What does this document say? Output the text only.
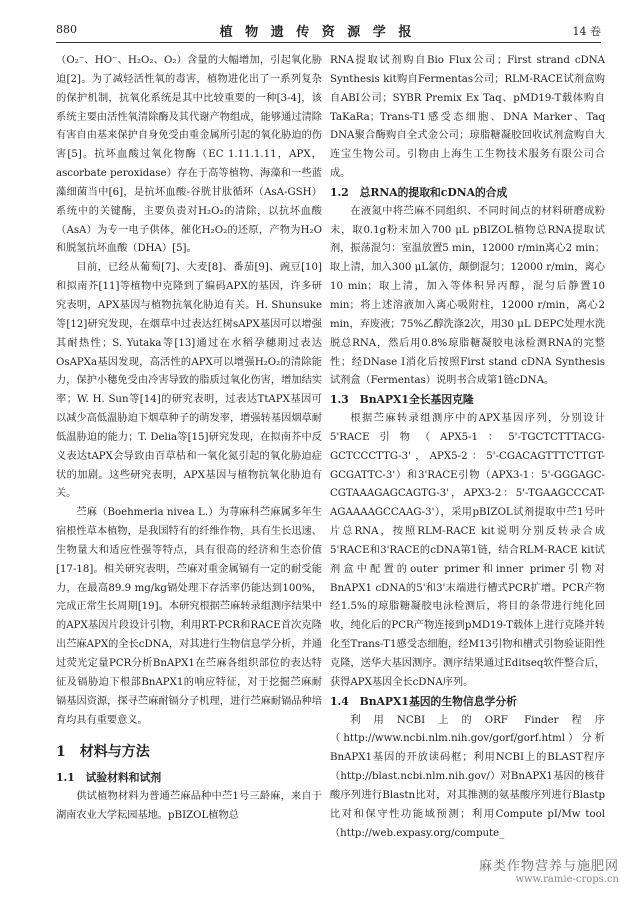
880	植 物 遗 传 资 源 学 报	14 卷

（O₂⁻、HO⁻、H₂O₂、O₂）含量的大幅增加，引起氧化胁迫[2]。为了减轻活性氧的毒害，植物进化出了一系列复杂的保护机制，抗氧化系统是其中比较重要的一种[3-4]，该系统主要由活性氧清除酶及其代谢产物组成，能够通过清除有害自由基来保护自身免受由重金属所引起的氧化胁迫的伤害[5]。抗坏血酸过氧化物酶（EC 1.11.1.11，APX，ascorbate peroxidase）存在于高等植物、海藻和一些蓝藻细菌当中[6]，是抗坏血酸-谷胱甘肽循环（AsA-GSH）系统中的关键酶，主要负责对H₂O₂的清除，以抗坏血酸（AsA）为专一电子供体，催化H₂O₂的还原，产物为H₂O和脱氢抗坏血酸（DHA）[5]。

目前，已经从葡萄[7]、大麦[8]、番茄[9]、豌豆[10]和拟南芥[11]等植物中克隆到了编码APX的基因，许多研究表明，APX基因与植物抗氧化胁迫有关。H. Shunsuke等[12]研究发现，在烟草中过表达红树sAPX基因可以增强其耐热性；S. Yutaka等[13]通过在水稻孕穗期过表达OsAPXa基因发现，高活性的APX可以增强H₂O₂的清除能力，保护小穗免受由冷害导致的脂质过氧化伤害，增加结实率；W. H. Sun等[14]的研究表明，过表达TtAPX基因可以减少高低温胁迫下烟草种子的萌发率，增强转基因烟草耐低温胁迫的能力；T. Delia等[15]研究发现，在拟南芥中反义表达tAPX会导致由百草枯和一氧化氮引起的氧化胁迫症状的加剧。这些研究表明，APX基因与植物抗氧化胁迫有关。

苎麻（Boehmeria nivea L.）为荨麻科苎麻属多年生宿根性草本植物，是我国特有的纤维作物，具有生长迅速、生物量大和适应性强等特点，具有很高的经济和生态价值[17-18]。相关研究表明，苎麻对重金属镉有一定的耐受能力，在最高89.9 mg/kg镉处理下存活率仍能达到100%，完成正常生长周期[19]。本研究根据苎麻转录组测序结果中的APX基因片段设计引物，利用RT-PCR和RACE首次克隆出苎麻APX的全长cDNA，对其进行生物信息学分析，并通过荧光定量PCR分析BnAPX1在苎麻各组织部位的表达特征及镉胁迫下根部BnAPX1的响应特征，对于挖掘苎麻耐镉基因资源，探寻苎麻耐镉分子机理，进行苎麻耐镉品种培育均具有重要意义。

1　材料与方法
1.1　试验材料和试剂

供试植物材料为普通苎麻品种中苎1号三龄麻，来自于湖南农业大学耘园基地。pBIZOL植物总

RNA提取试剂购自Bio Flux公司；First strand cDNA Synthesis kit购自Fermentas公司；RLM-RACE试剂盒购自ABI公司；SYBR Premix Ex Taq、pMD19-T载体购自TaKaRa；Trans-T1感受态细胞、DNA Marker、Taq DNA聚合酶购自全式金公司；琼脂糖凝胶回收试剂盒购自大连宝生物公司。引物由上海生工生物技术服务有限公司合成。

1.2　总RNA的提取和cDNA的合成

在液氮中将苎麻不同组织、不同时间点的材料研磨成粉末，取0.1g粉末加入700 μL pBIZOL植物总RNA提取试剂，振荡混匀：室温放置5 min，12000 r/min离心2 min；取上清，加入300 μL氯仿，颠倒混匀；12000 r/min，离心10 min；取上清，加入等体积异丙醇，混匀后静置10 min；将上述溶液加入离心吸附柱，12000 r/min，离心2 min，弃废液；75%乙醇洗涤2次，用30 μL DEPC处理水洗脱总RNA，然后用0.8%琼脂糖凝胶电泳检测RNA的完整性；经DNase I消化后按照First stand cDNA Synthesis试剂盒（Fermentas）说明书合成第1链cDNA。

1.3　BnAPX1全长基因克隆

根据苎麻转录组测序中的APX基因序列，分别设计5'RACE引物（APX5-1：5'-TGCTCTTTACG-GCTCCCTTG-3'，APX5-2：5'-CGACAGTTTCTTGT-GCGATTC-3'）和3'RACE引物（APX3-1：5'-GGGAGC-CGTAAAGAGCAGTG-3'，APX3-2：5'-TGAAGCCCAT-AGAAAAGCCAAG-3'），采用pBIZOL试剂提取中苎1号叶片总RNA，按照RLM-RACE kit说明分别反转录合成5'RACE和3'RACE的cDNA第1链，结合RLM-RACE kit试剂盒中配置的outer primer和inner primer引物对BnAPX1 cDNA的5'和3'末端进行槽式PCR扩增。PCR产物经1.5%的琼脂糖凝胶电泳检测后，将目的条带进行纯化回收，纯化后的PCR产物连接到pMD19-T载体上进行克隆并转化至Trans-T1感受态细胞，经M13引物和槽式引物验证阳性克隆，送华大基因测序。测序结果通过Editseq软件整合后，获得APX基因全长cDNA序列。

1.4　BnAPX1基因的生物信息学分析

利用NCBI上的ORF Finder程序（http://www.ncbi.nlm.nih.gov/gorf/gorf.html）分析BnAPX1基因的开放读码框；利用NCBI上的BLAST程序（http://blast.ncbi.nlm.nih.gov/）对BnAPX1基因的核苷酸序列进行Blastn比对，对其推测的氨基酸序列进行Blastp比对和保守性功能域预测；利用Compute pI/Mw tool（http://web.expasy.org/compute_

麻类作物营养与施肥网
www.ramie-crops.cn
